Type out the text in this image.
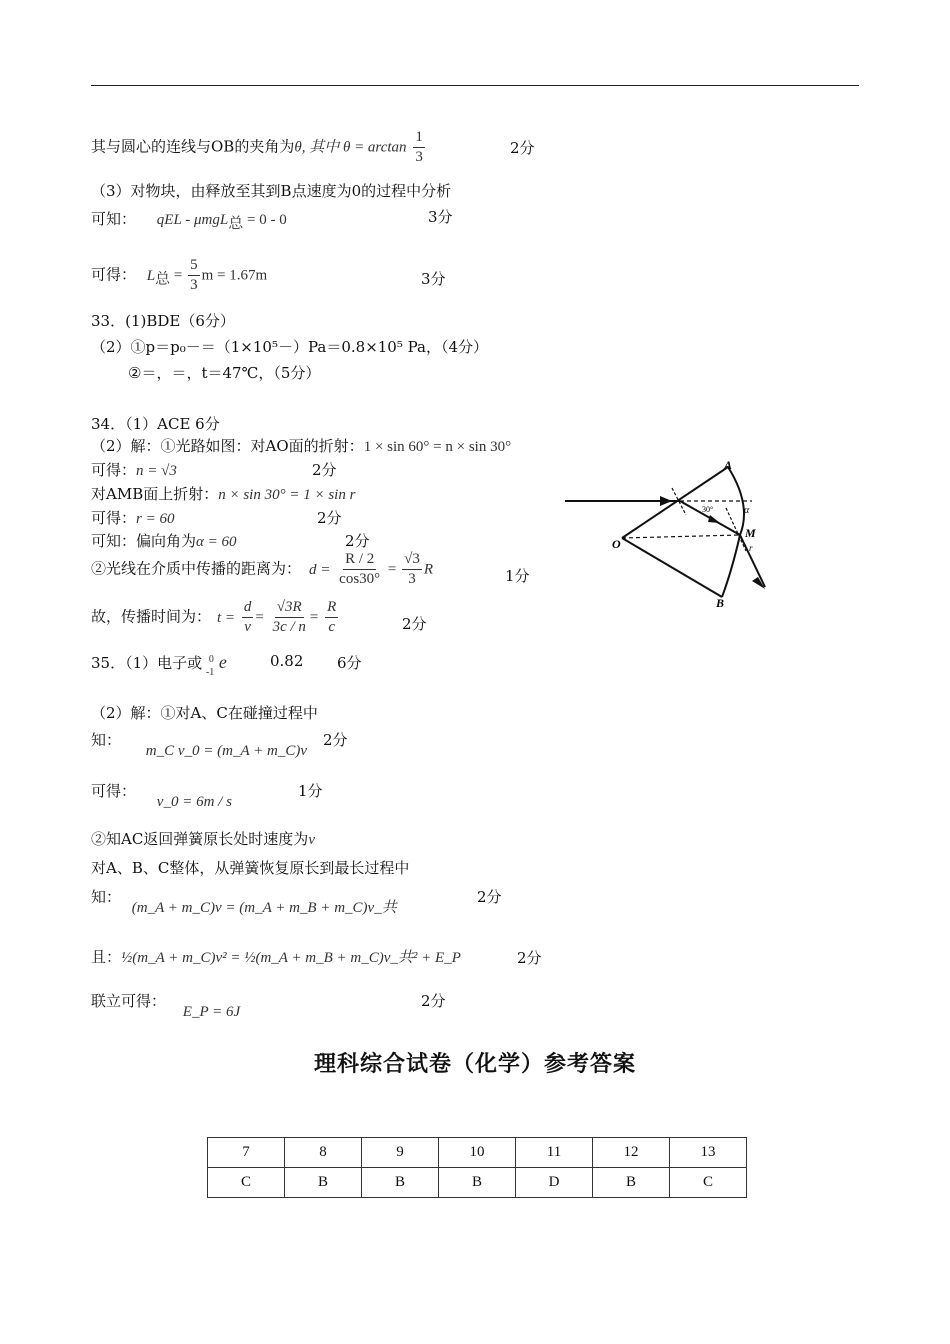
其与圆心的连线与OB的夹角为θ, 其中 $\theta = \arctan \frac{1}{3}$	2分
（3）对物块，由释放至其到B点速度为0的过程中分析
可知： qEL - μmgL$_总$ = 0 - 0	3分
可得： $L_总 = \frac{5}{3}$ m = 1.67m	3分
33．(1)BDE（6分）
（2）①p＝p₀－＝（1×10⁵－）Pa＝0.8×10⁵ Pa，（4分）
②＝，＝，t＝47℃，（5分）
34．（1）ACE 6分
（2）解：①光路如图：对AO面的折射：1 × sin 60° = n × sin 30°
可得：n = √3	2分
对AMB面上折射：n × sin 30° = 1 × sin r
可得：r = 60	2分
可知：偏向角为α = 60	2分
②光线在介质中传播的距离为： $d = \frac{R / 2}{\cos 30^\circ} = \frac{√3}{3}$ R	1分
故，传播时间为： $t = \frac{d}{v} = \frac{√3R}{3c / n} = \frac{R}{c}$	2分
35．（1）电子或 0
-1
e	0.82 6分
（2）解：①对A、C在碰撞过程中
知： m_C v_0 = (m_A + m_C)v
2分
可得： v_0 = 6m / s
1分
②知AC返回弹簧原长处时速度为v
对A、B、C整体，从弹簧恢复原长到最长过程中
知： (m_A + m_C)v = (m_A + m_B + m_C)v_共
2分
且：½(m_A + m_C)v² = ½(m_A + m_B + m_C)v_共² + E_P	2分
联立可得： E_P = 6J
2分
A
O
B
M
30°	α
r
理科综合试卷（化学）参考答案
7	8	9	10	11	12	13
C	B	B	B	D	B	C
